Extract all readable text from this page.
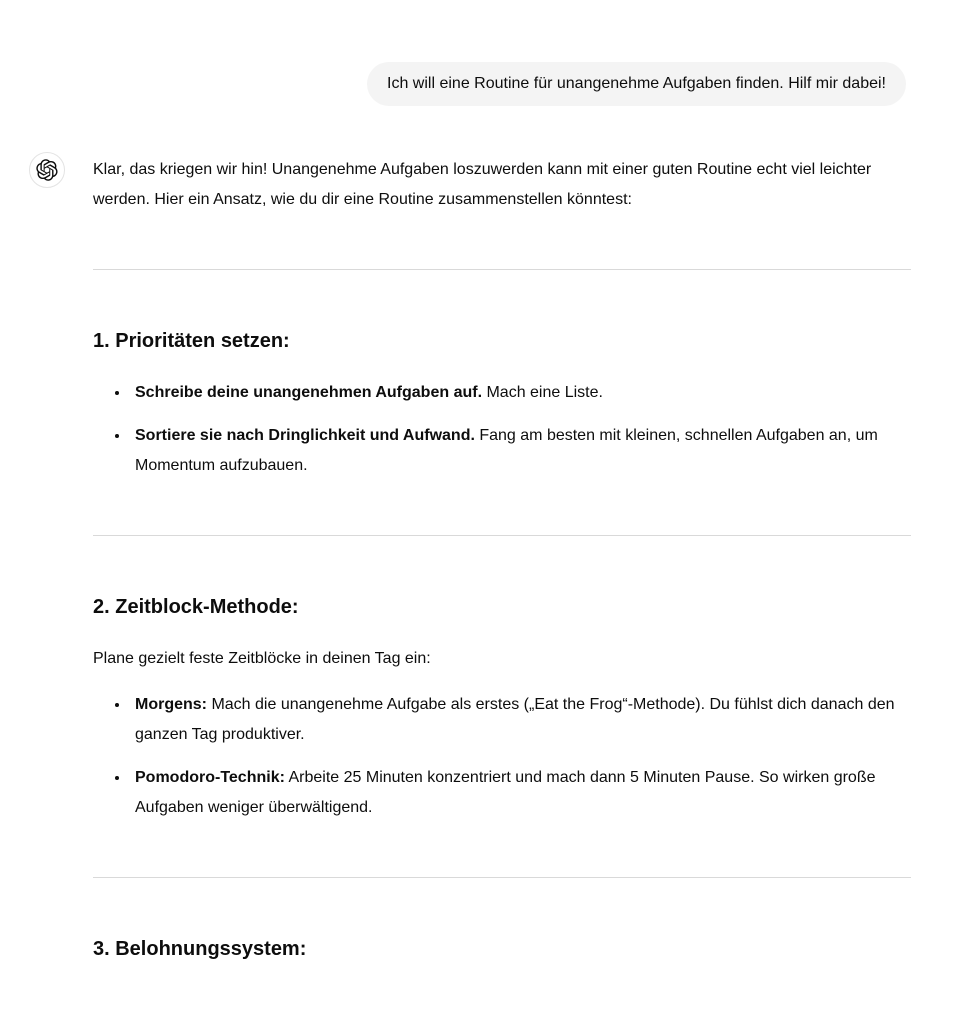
Ich will eine Routine für unangenehme Aufgaben finden. Hilf mir dabei!

Klar, das kriegen wir hin! Unangenehme Aufgaben loszuwerden kann mit einer guten Routine echt viel leichter werden. Hier ein Ansatz, wie du dir eine Routine zusammenstellen könntest:

1. Prioritäten setzen:
• Schreibe deine unangenehmen Aufgaben auf. Mach eine Liste.
• Sortiere sie nach Dringlichkeit und Aufwand. Fang am besten mit kleinen, schnellen Aufgaben an, um Momentum aufzubauen.
2. Zeitblock-Methode:

Plane gezielt feste Zeitblöcke in deinen Tag ein:

• Morgens: Mach die unangenehme Aufgabe als erstes („Eat the Frog“-Methode). Du fühlst dich danach den ganzen Tag produktiver.
• Pomodoro-Technik: Arbeite 25 Minuten konzentriert und mach dann 5 Minuten Pause. So wirken große Aufgaben weniger überwältigend.
3. Belohnungssystem:
